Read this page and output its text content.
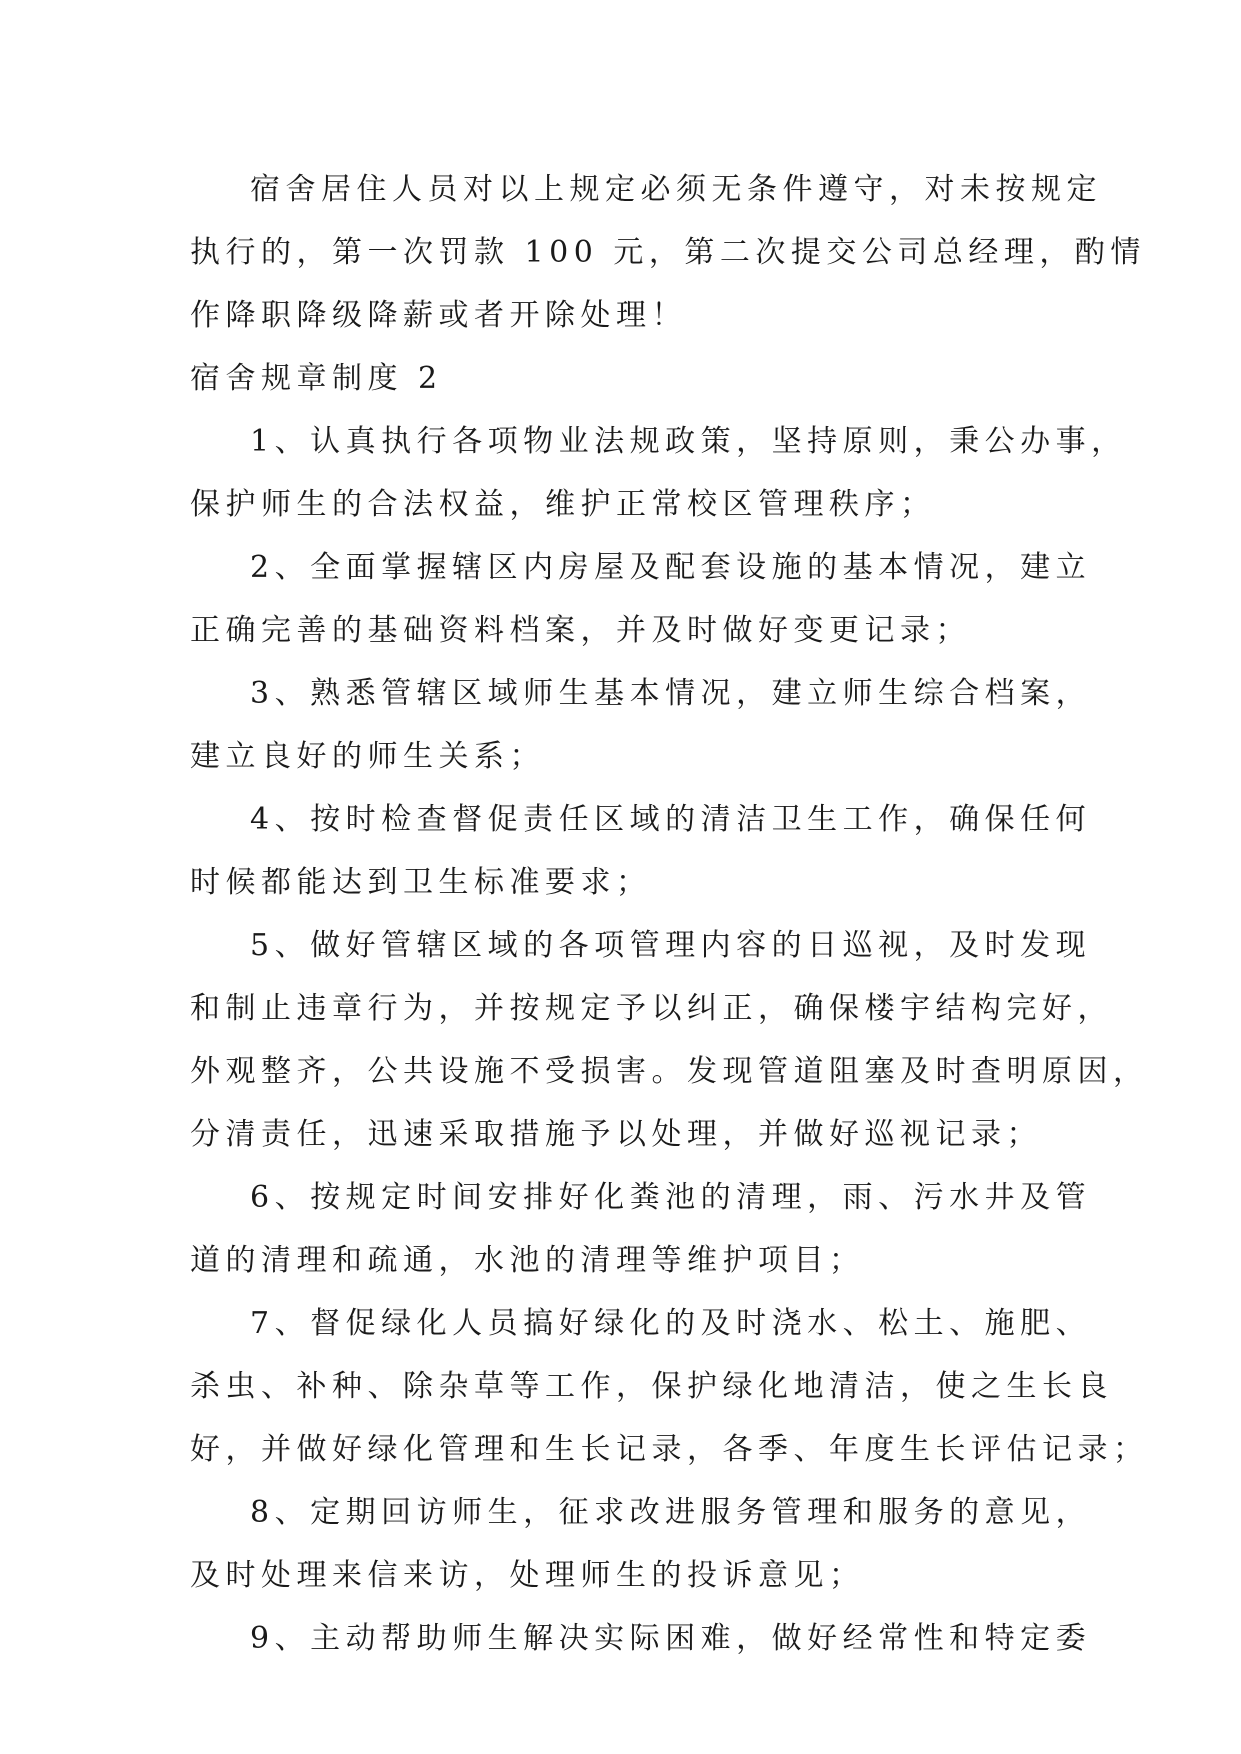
宿舍居住人员对以上规定必须无条件遵守，对未按规定
执行的，第一次罚款 100 元，第二次提交公司总经理，酌情
作降职降级降薪或者开除处理！

宿舍规章制度 2

1、认真执行各项物业法规政策，坚持原则，秉公办事，
保护师生的合法权益，维护正常校区管理秩序；

2、全面掌握辖区内房屋及配套设施的基本情况，建立
正确完善的基础资料档案，并及时做好变更记录；

3、熟悉管辖区域师生基本情况，建立师生综合档案，
建立良好的师生关系；

4、按时检查督促责任区域的清洁卫生工作，确保任何
时候都能达到卫生标准要求；

5、做好管辖区域的各项管理内容的日巡视，及时发现
和制止违章行为，并按规定予以纠正，确保楼宇结构完好，
外观整齐，公共设施不受损害。发现管道阻塞及时查明原因，
分清责任，迅速采取措施予以处理，并做好巡视记录；

6、按规定时间安排好化粪池的清理，雨、污水井及管
道的清理和疏通，水池的清理等维护项目；

7、督促绿化人员搞好绿化的及时浇水、松土、施肥、
杀虫、补种、除杂草等工作，保护绿化地清洁，使之生长良
好，并做好绿化管理和生长记录，各季、年度生长评估记录；

8、定期回访师生，征求改进服务管理和服务的意见，
及时处理来信来访，处理师生的投诉意见；

9、主动帮助师生解决实际困难，做好经常性和特定委
